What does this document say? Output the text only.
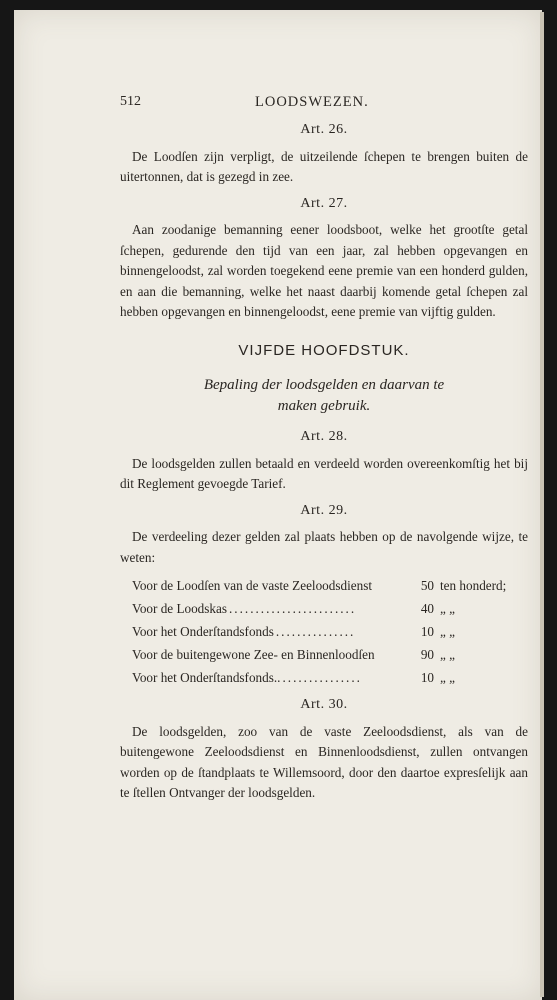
512	LOODSWEZEN.
Art. 26.

De Loodſen zijn verpligt, de uitzeilende ſchepen te brengen buiten de uitertonnen, dat is gezegd in zee.

Art. 27.

Aan zoodanige bemanning eener loodsboot, welke het grootſte getal ſchepen, gedurende den tijd van een jaar, zal hebben opgevangen en binnengeloodst, zal worden toegekend eene premie van een honderd gulden, en aan die bemanning, welke het naast daarbij komende getal ſchepen zal hebben opgevangen en binnengeloodst, eene premie van vijftig gulden.

VIJFDE HOOFDSTUK.
Bepaling der loodsgelden en daarvan te
maken gebruik.
Art. 28.

De loodsgelden zullen betaald en verdeeld worden overeenkomſtig het bij dit Reglement gevoegde Tarief.

Art. 29.

De verdeeling dezer gelden zal plaats hebben op de navolgende wijze, te weten:

Voor de Loodſen van de vaste Zeeloodsdienst	50 ten honderd;
Voor de Loodskas ........................	40 „ „
Voor het Onderſtandsfonds ...............	10 „ „
Voor de buitengewone Zee- en Binnenloodſen	90 „ „
Voor het Onderſtandsfonds.. ...............	10 „ „
Art. 30.

De loodsgelden, zoo van de vaste Zeeloodsdienst, als van de buitengewone Zeeloodsdienst en Binnenloodsdienst, zullen ontvangen worden op de ſtandplaats te Willemsoord, door den daartoe expresſelijk aan te ſtellen Ontvanger der loodsgelden.
